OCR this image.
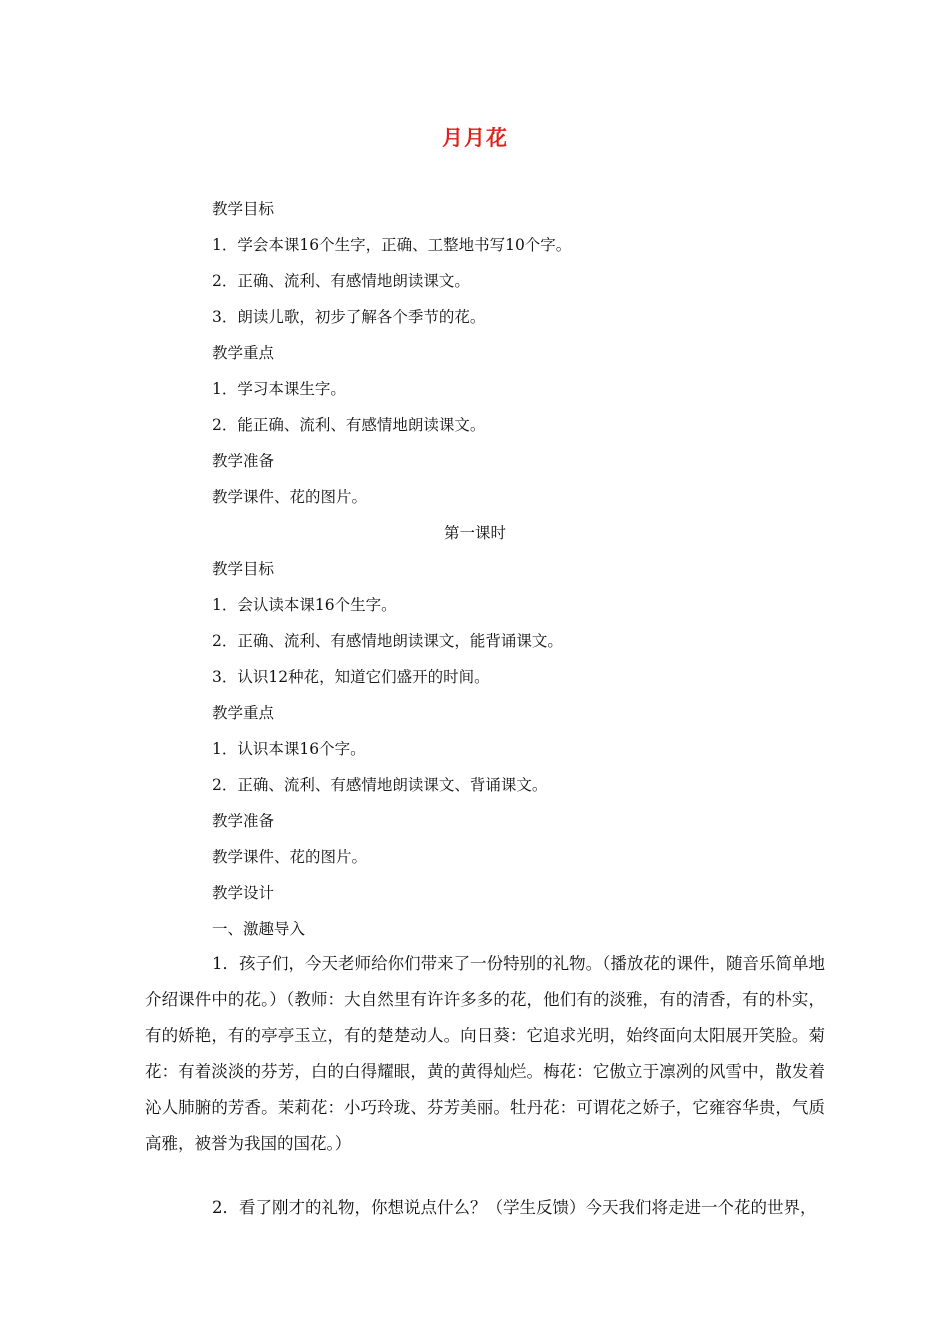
月月花
教学目标
1．学会本课16个生字，正确、工整地书写10个字。
2．正确、流利、有感情地朗读课文。
3．朗读儿歌，初步了解各个季节的花。
教学重点
1．学习本课生字。
2．能正确、流利、有感情地朗读课文。
教学准备
教学课件、花的图片。
第一课时
教学目标
1．会认读本课16个生字。
2．正确、流利、有感情地朗读课文，能背诵课文。
3．认识12种花，知道它们盛开的时间。
教学重点
1．认识本课16个字。
2．正确、流利、有感情地朗读课文、背诵课文。
教学准备
教学课件、花的图片。
教学设计
一、激趣导入
1．孩子们，今天老师给你们带来了一份特别的礼物。（播放花的课件，随音乐简单地介绍课件中的花。）（教师：大自然里有许许多多的花，他们有的淡雅，有的清香，有的朴实，有的娇艳，有的亭亭玉立，有的楚楚动人。向日葵：它追求光明，始终面向太阳展开笑脸。菊花：有着淡淡的芬芳，白的白得耀眼，黄的黄得灿烂。梅花：它傲立于凛冽的风雪中，散发着沁人肺腑的芳香。茉莉花：小巧玲珑、芬芳美丽。牡丹花：可谓花之娇子，它雍容华贵，气质高雅，被誉为我国的国花。）
2．看了刚才的礼物，你想说点什么？（学生反馈）今天我们将走进一个花的世界，
